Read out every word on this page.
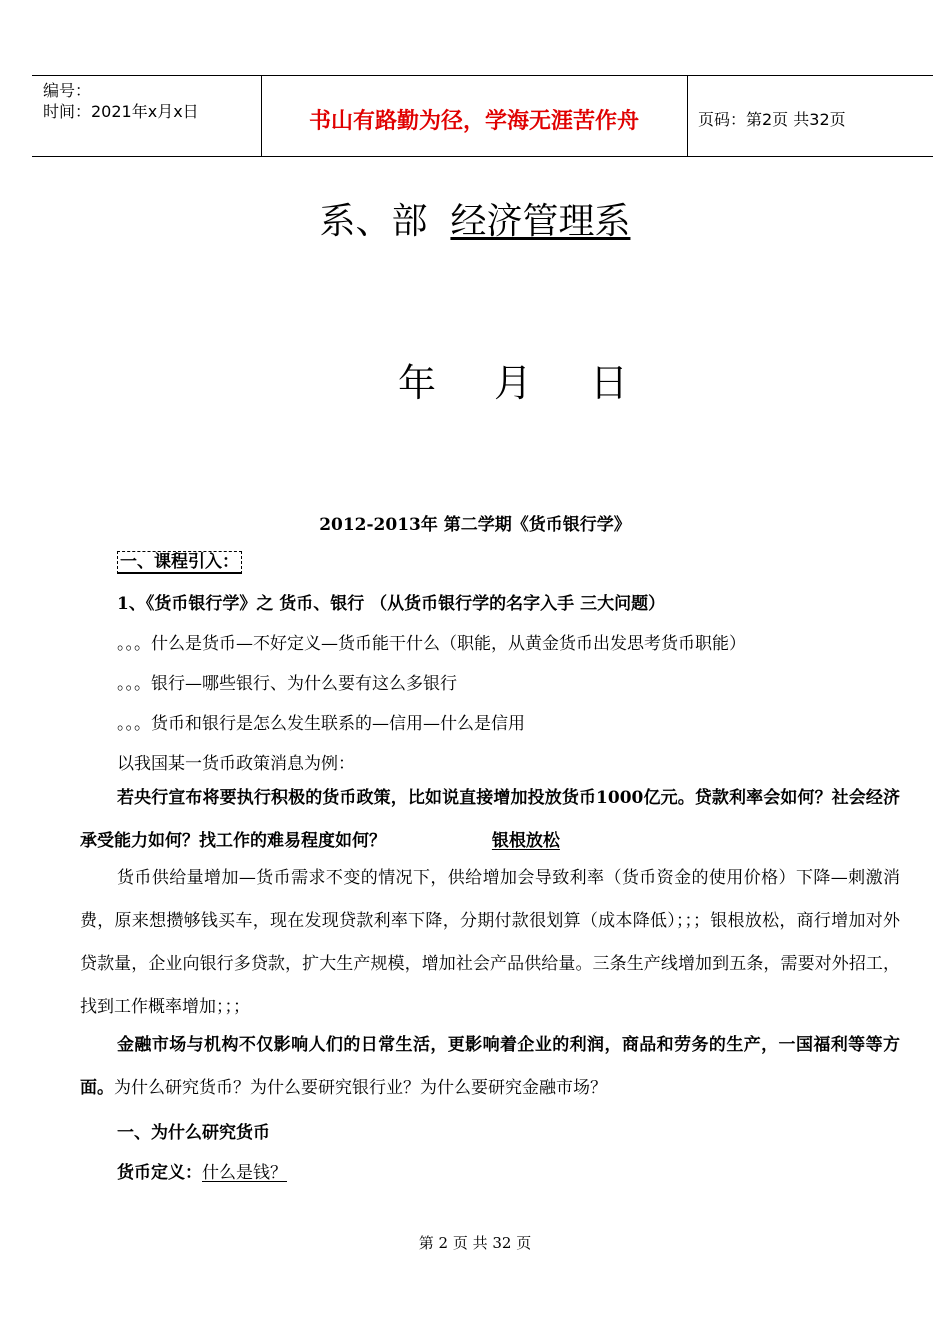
编号：
时间：2021年x月x日	书山有路勤为径，学海无涯苦作舟	页码：第2页 共32页
系、部 经济管理系
年 月 日
2012-2013年 第二学期《货币银行学》
一、课程引入：
1、《货币银行学》之 货币、银行 （从货币银行学的名字入手 三大问题）
。。。什么是货币—不好定义—货币能干什么（职能，从黄金货币出发思考货币职能）
。。。银行—哪些银行、为什么要有这么多银行
。。。货币和银行是怎么发生联系的—信用—什么是信用
以我国某一货币政策消息为例：
若央行宣布将要执行积极的货币政策，比如说直接增加投放货币1000亿元。贷款利率会如何？社会经济承受能力如何？找工作的难易程度如何？	银根放松
货币供给量增加—货币需求不变的情况下，供给增加会导致利率（货币资金的使用价格）下降—刺激消费，原来想攒够钱买车，现在发现贷款利率下降，分期付款很划算（成本降低）；；；银根放松，商行增加对外贷款量，企业向银行多贷款，扩大生产规模，增加社会产品供给量。三条生产线增加到五条，需要对外招工，找到工作概率增加；；；
金融市场与机构不仅影响人们的日常生活，更影响着企业的利润，商品和劳务的生产，一国福利等等方面。为什么研究货币？为什么要研究银行业？为什么要研究金融市场？
一、为什么研究货币
货币定义：什么是钱？
第 2 页 共 32 页
